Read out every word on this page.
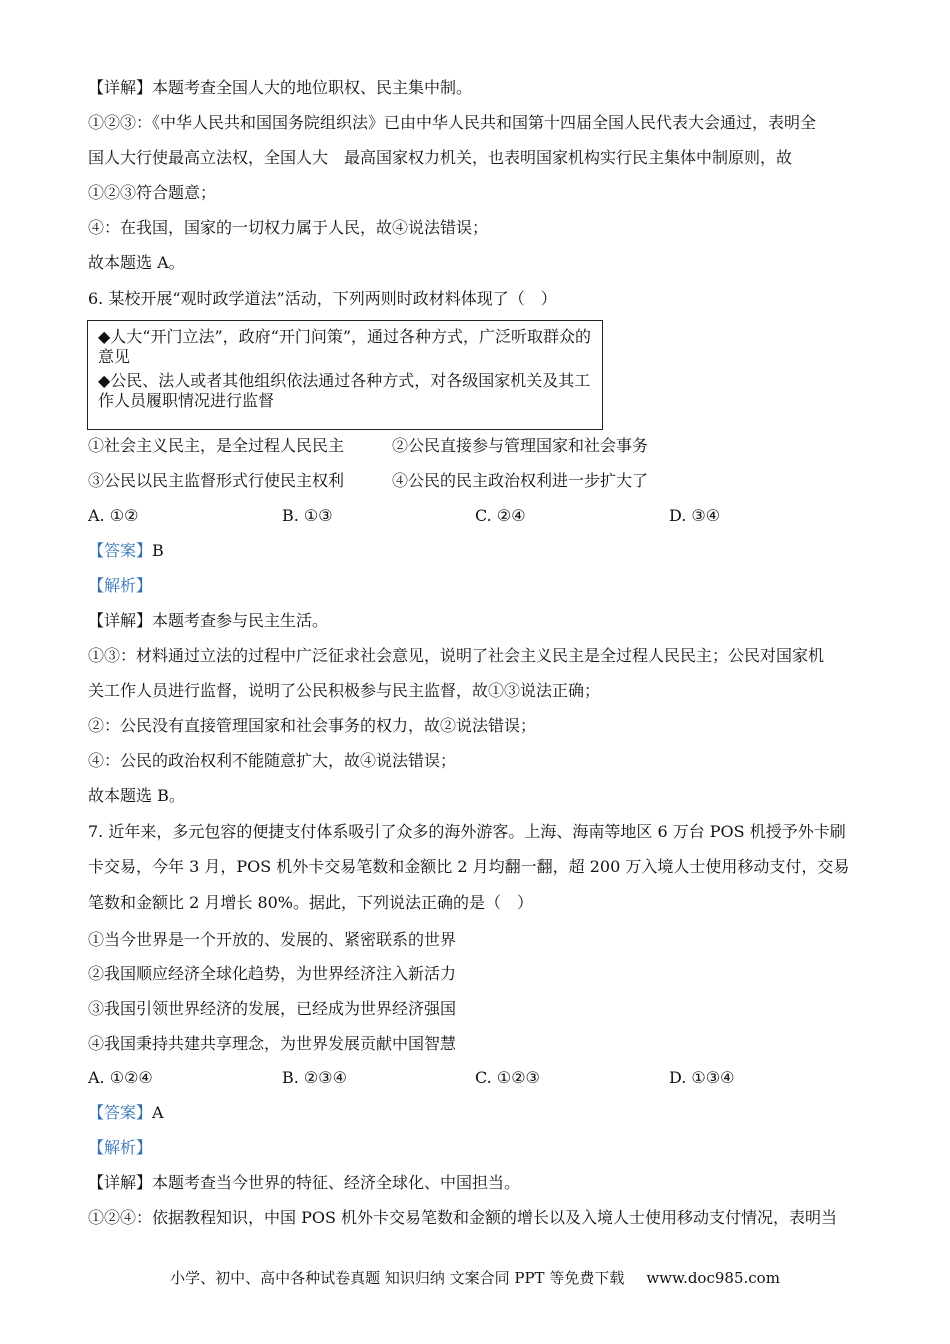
【详解】本题考查全国人大的地位职权、民主集中制。
①②③：《中华人民共和国国务院组织法》已由中华人民共和国第十四届全国人民代表大会通过，表明全
国人大行使最高立法权，全国人大　最高国家权力机关，也表明国家机构实行民主集体中制原则，故
①②③符合题意；
④：在我国，国家的一切权力属于人民，故④说法错误；
故本题选 A。
6. 某校开展“观时政学道法”活动，下列两则时政材料体现了（　）

◆人大“开门立法”，政府“开门问策”，通过各种方式，广泛听取群众的意见

◆公民、法人或者其他组织依法通过各种方式，对各级国家机关及其工作人员履职情况进行监督

①社会主义民主，是全过程人民民主	②公民直接参与管理国家和社会事务
③公民以民主监督形式行使民主权利	④公民的民主政治权利进一步扩大了
A. ①②	B. ①③	C. ②④	D. ③④
【答案】B
【解析】
【详解】本题考查参与民主生活。
①③：材料通过立法的过程中广泛征求社会意见，说明了社会主义民主是全过程人民民主；公民对国家机
关工作人员进行监督，说明了公民积极参与民主监督，故①③说法正确；
②：公民没有直接管理国家和社会事务的权力，故②说法错误；
④：公民的政治权利不能随意扩大，故④说法错误；
故本题选 B。
7. 近年来，多元包容的便捷支付体系吸引了众多的海外游客。上海、海南等地区 6 万台 POS 机授予外卡刷
卡交易，今年 3 月，POS 机外卡交易笔数和金额比 2 月均翻一翻，超 200 万入境人士使用移动支付，交易
笔数和金额比 2 月增长 80%。据此，下列说法正确的是（　）
①当今世界是一个开放的、发展的、紧密联系的世界
②我国顺应经济全球化趋势，为世界经济注入新活力
③我国引领世界经济的发展，已经成为世界经济强国
④我国秉持共建共享理念，为世界发展贡献中国智慧
A. ①②④	B. ②③④	C. ①②③	D. ①③④
【答案】A
【解析】
【详解】本题考查当今世界的特征、经济全球化、中国担当。
①②④：依据教程知识，中国 POS 机外卡交易笔数和金额的增长以及入境人士使用移动支付情况，表明当
小学、初中、高中各种试卷真题 知识归纳 文案合同 PPT 等免费下载 www.doc985.com
